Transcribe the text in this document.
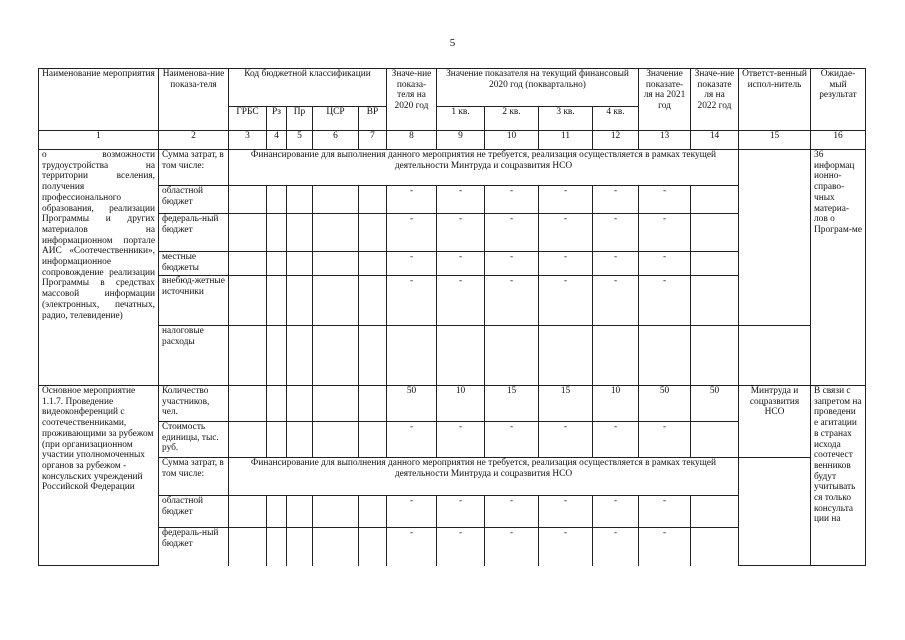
5
Наименование мероприятия	Наименова-ние показа-теля	Код бюджетной классификации					Значе-ние показа-теля на 2020 год	Значение показателя на текущий финансовый 2020 год (поквартально)				Значение показате-ля на 2021 год	Значе-ние показате ля на 2022 год	Ответст-венный испол-нитель	Ожидае-мый результат
		ГРБС	Рз	Пр	ЦСР	ВР		1 кв.	2 кв.	3 кв.	4 кв.				
1	2	3	4	5	6	7	8	9	10	11	12	13	14	15	16
о возможности трудоустройства на территории вселения, получения профессионального образования, реализации Программы и других материалов на информационном портале АИС «Соотечественники», информационное сопровождение реализации Программы в средствах массовой информации (электронных, печатных, радио, телевидение)	Сумма затрат, в том числе:	Финансирование для выполнения данного мероприятия не требуется, реализация осуществляется в рамках текущей деятельности Минтруда и соцразвития НСО													36 информац ионно-справо-чных материа-лов о Програм-ме
	областной бюджет						-	-	-	-	-	-			
	федераль-ный бюджет						-	-	-	-	-	-			
	местные бюджеты						-	-	-	-	-	-			
	внебюд-жетные источники						-	-	-	-	-	-			
	налоговые расходы														
Основное мероприятие 1.1.7. Проведение видеоконференций с соотечественниками, проживающими за рубежом (при организационном участии уполномоченных органов за рубежом - консульских учреждений Российской Федерации	Количество участников, чел.						50	10	15	15	10	50	50	Минтруда и соцразвития НСО	В связи с запретом на проведени е агитации в странах исхода соотечест венников будут учитывать ся только консульта ции на
	Стоимость единицы, тыс. руб.						-	-	-	-	-	-			
	Сумма затрат, в том числе:	Финансирование для выполнения данного мероприятия не требуется, реализация осуществляется в рамках текущей деятельности Минтруда и соцразвития НСО													
	областной бюджет						-	-	-	-	-	-			
	федераль-ный бюджет						-	-	-	-	-	-			
